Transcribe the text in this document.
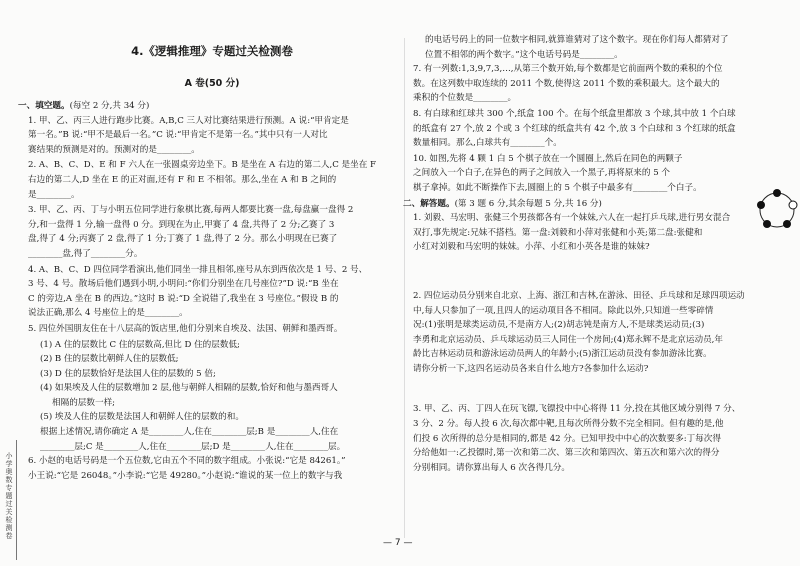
小学奥数专题过关检测卷
4.《逻辑推理》专题过关检测卷
A 卷(50 分)

一、填空题。(每空 2 分,共 34 分)

1. 甲、乙、丙三人进行跑步比赛。A,B,C 三人对比赛结果进行预测。A 说:“甲肯定是
第一名。”B 说:“甲不是最后一名。”C 说:“甲肯定不是第一名。”其中只有一人对比
赛结果的预测是对的。预测对的是________。
2. A、B、C、D、E 和 F 六人在一张圆桌旁边坐下。B 是坐在 A 右边的第二人,C 是坐在 F
右边的第二人,D 坐在 E 的正对面,还有 F 和 E 不相邻。那么,坐在 A 和 B 之间的
是________。
3. 甲、乙、丙、丁与小明五位同学进行象棋比赛,每两人都要比赛一盘,每盘赢一盘得 2
分,和一盘得 1 分,输一盘得 0 分。到现在为止,甲赛了 4 盘,共得了 2 分;乙赛了 3
盘,得了 4 分;丙赛了 2 盘,得了 1 分;丁赛了 1 盘,得了 2 分。那么小明现在已赛了
________盘,得了________分。
4. A、B、C、D 四位同学看演出,他们同坐一排且相邻,座号从东到西依次是 1 号、2 号、
3 号、4 号。散场后他们遇到小明,小明问:“你们分别坐在几号座位?”D 说:“B 坐在
C 的旁边,A 坐在 B 的西边。”这时 B 说:“D 全说错了,我坐在 3 号座位。”假设 B 的
说法正确,那么 4 号座位上的是________。
5. 四位外国朋友住在十八层高的饭店里,他们分别来自埃及、法国、朝鲜和墨西哥。

(1) A 住的层数比 C 住的层数高,但比 D 住的层数低;

(2) B 住的层数比朝鲜人住的层数低;

(3) D 住的层数恰好是法国人住的层数的 5 倍;

(4) 如果埃及人住的层数增加 2 层,他与朝鲜人相隔的层数,恰好和他与墨西哥人

相隔的层数一样;

(5) 埃及人住的层数是法国人和朝鲜人住的层数的和。

根据上述情况,请你确定 A 是________人,住在________层;B 是________人,住在

________层;C 是________人,住在________层;D 是________人,住在________层。

6. 小赵的电话号码是一个五位数,它由五个不同的数字组成。小张说:“它是 84261。”
小王说:“它是 26048。”小李说:“它是 49280。”小赵说:“谁说的某一位上的数字与我
— 7 —

的电话号码上的同一位数字相同,就算谁猜对了这个数字。现在你们每人都猜对了

位置不相邻的两个数字。”这个电话号码是________。

7. 有一列数:1,3,9,7,3,…,从第三个数开始,每个数都是它前面两个数的乘积的个位
数。在这列数中取连续的 2011 个数,使得这 2011 个数的乘积最大。这个最大的
乘积的个位数是________。
8. 有白球和红球共 300 个,纸盒 100 个。在每个纸盒里都放 3 个球,其中放 1 个白球
的纸盒有 27 个,放 2 个或 3 个红球的纸盒共有 42 个,放 3 个白球和 3 个红球的纸盒
数量相同。那么,白球共有________个。
10. 如图,先将 4 颗 1 白 5 个棋子放在一个圆圈上,然后在同色的两颗子
之间放入一个白子,在异色的两子之间放入一个黑子,再将原来的 5 个
棋子拿掉。如此不断操作下去,圆圈上的 5 个棋子中最多有________个白子。

二、解答题。(第 3 题 6 分,其余每题 5 分,共 16 分)

1. 刘毅、马宏明、张健三个男孩都各有一个妹妹,六人在一起打乒乓球,进行男女混合
双打,事先规定:兄妹不搭档。第一盘:刘毅和小萍对张健和小英;第二盘:张健和
小红对刘毅和马宏明的妹妹。小萍、小红和小英各是谁的妹妹?
2. 四位运动员分别来自北京、上海、浙江和吉林,在游泳、田径、乒乓球和足球四项运动
中,每人只参加了一项,且四人的运动项目各不相同。除此以外,只知道一些零碎情
况:(1)张明是球类运动员,不是南方人;(2)胡志钝是南方人,不是球类运动员;(3)
李勇和北京运动员、乒乓球运动员三人同住一个房间;(4)郑永辉不是北京运动员,年
龄比吉林运动员和游泳运动员两人的年龄小;(5)浙江运动员没有参加游泳比赛。
请你分析一下,这四名运动员各来自什么地方?各参加什么运动?
3. 甲、乙、丙、丁四人在玩飞镖,飞镖投中中心将得 11 分,投在其他区域分别得 7 分、
3 分、2 分。每人投 6 次,每次都中靶,且每次所得分数不完全相同。但有趣的是,他
们投 6 次所得的总分是相同的,都是 42 分。已知甲投中中心的次数要多:丁每次得
分给他如一:乙投镖时,第一次和第二次、第三次和第四次、第五次和第六次的得分
分别相同。请你算出每人 6 次各得几分。
